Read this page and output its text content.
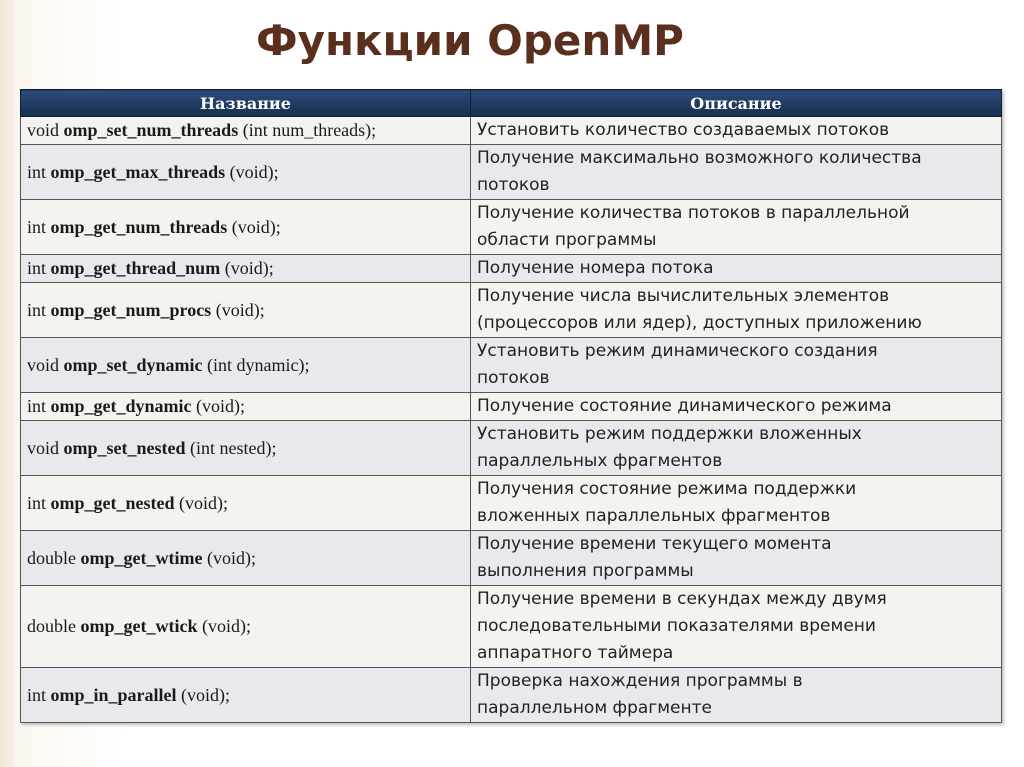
Функции OpenMP
Название	Описание
void omp_set_num_threads (int num_threads);	Установить количество создаваемых потоков

int omp_get_max_threads (void);	Получение максимально возможного количества потоков

int omp_get_num_threads (void);	Получение количества потоков в параллельной области программы

int omp_get_thread_num (void);	Получение номера потока

int omp_get_num_procs (void);	Получение числа вычислительных элементов (процессоров или ядер), доступных приложению

void omp_set_dynamic (int dynamic);	Установить режим динамического создания потоков

int omp_get_dynamic (void);	Получение состояние динамического режима

void omp_set_nested (int nested);	Установить режим поддержки вложенных параллельных фрагментов

int omp_get_nested (void);	Получения состояние режима поддержки вложенных параллельных фрагментов

double omp_get_wtime (void);	Получение времени текущего момента выполнения программы

double omp_get_wtick (void);	Получение времени в секундах между двумя последовательными показателями времени аппаратного таймера

int omp_in_parallel (void);	Проверка нахождения программы в параллельном фрагменте
